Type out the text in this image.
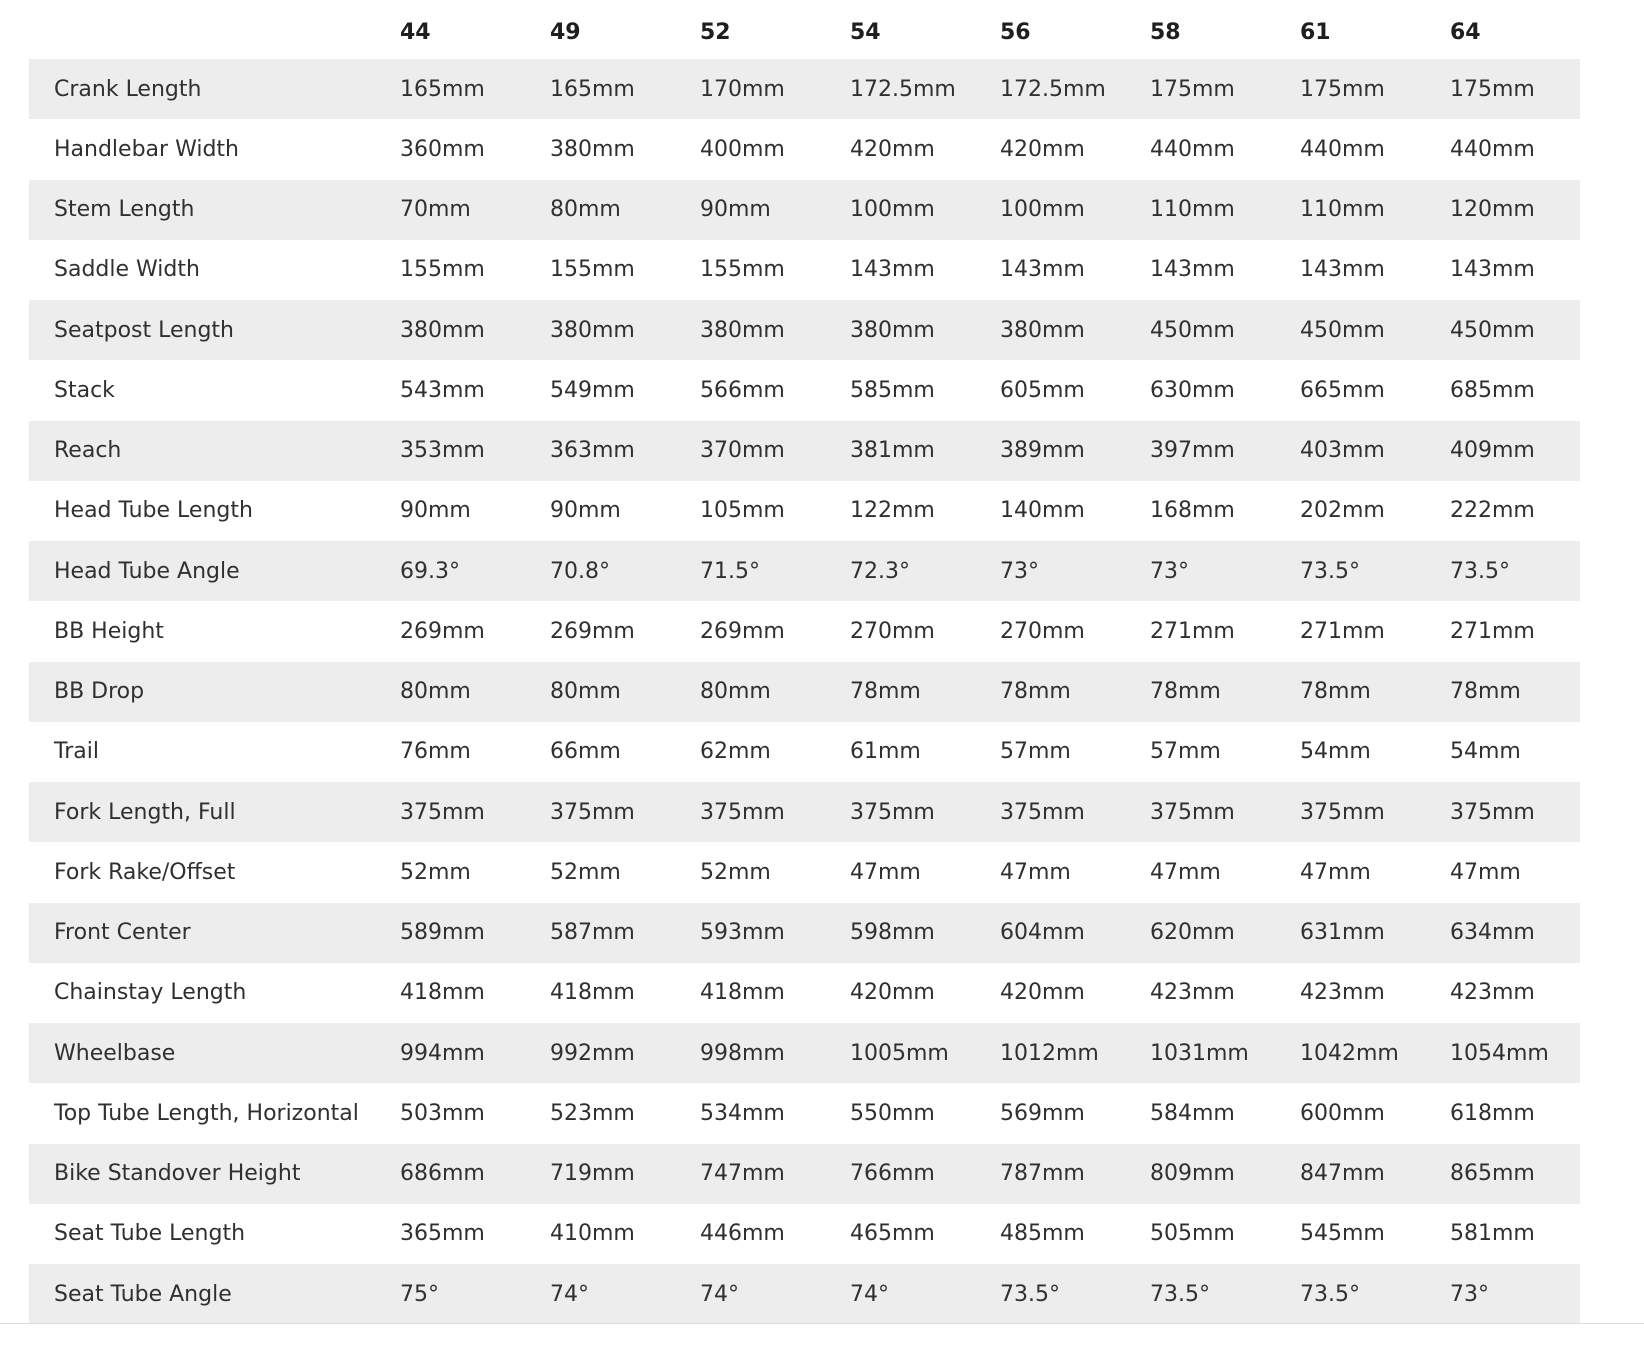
	44	49	52	54	56	58	61	64
Crank Length	165mm	165mm	170mm	172.5mm	172.5mm	175mm	175mm	175mm
Handlebar Width	360mm	380mm	400mm	420mm	420mm	440mm	440mm	440mm
Stem Length	70mm	80mm	90mm	100mm	100mm	110mm	110mm	120mm
Saddle Width	155mm	155mm	155mm	143mm	143mm	143mm	143mm	143mm
Seatpost Length	380mm	380mm	380mm	380mm	380mm	450mm	450mm	450mm
Stack	543mm	549mm	566mm	585mm	605mm	630mm	665mm	685mm
Reach	353mm	363mm	370mm	381mm	389mm	397mm	403mm	409mm
Head Tube Length	90mm	90mm	105mm	122mm	140mm	168mm	202mm	222mm
Head Tube Angle	69.3°	70.8°	71.5°	72.3°	73°	73°	73.5°	73.5°
BB Height	269mm	269mm	269mm	270mm	270mm	271mm	271mm	271mm
BB Drop	80mm	80mm	80mm	78mm	78mm	78mm	78mm	78mm
Trail	76mm	66mm	62mm	61mm	57mm	57mm	54mm	54mm
Fork Length, Full	375mm	375mm	375mm	375mm	375mm	375mm	375mm	375mm
Fork Rake/Offset	52mm	52mm	52mm	47mm	47mm	47mm	47mm	47mm
Front Center	589mm	587mm	593mm	598mm	604mm	620mm	631mm	634mm
Chainstay Length	418mm	418mm	418mm	420mm	420mm	423mm	423mm	423mm
Wheelbase	994mm	992mm	998mm	1005mm	1012mm	1031mm	1042mm	1054mm
Top Tube Length, Horizontal	503mm	523mm	534mm	550mm	569mm	584mm	600mm	618mm
Bike Standover Height	686mm	719mm	747mm	766mm	787mm	809mm	847mm	865mm
Seat Tube Length	365mm	410mm	446mm	465mm	485mm	505mm	545mm	581mm
Seat Tube Angle	75°	74°	74°	74°	73.5°	73.5°	73.5°	73°
